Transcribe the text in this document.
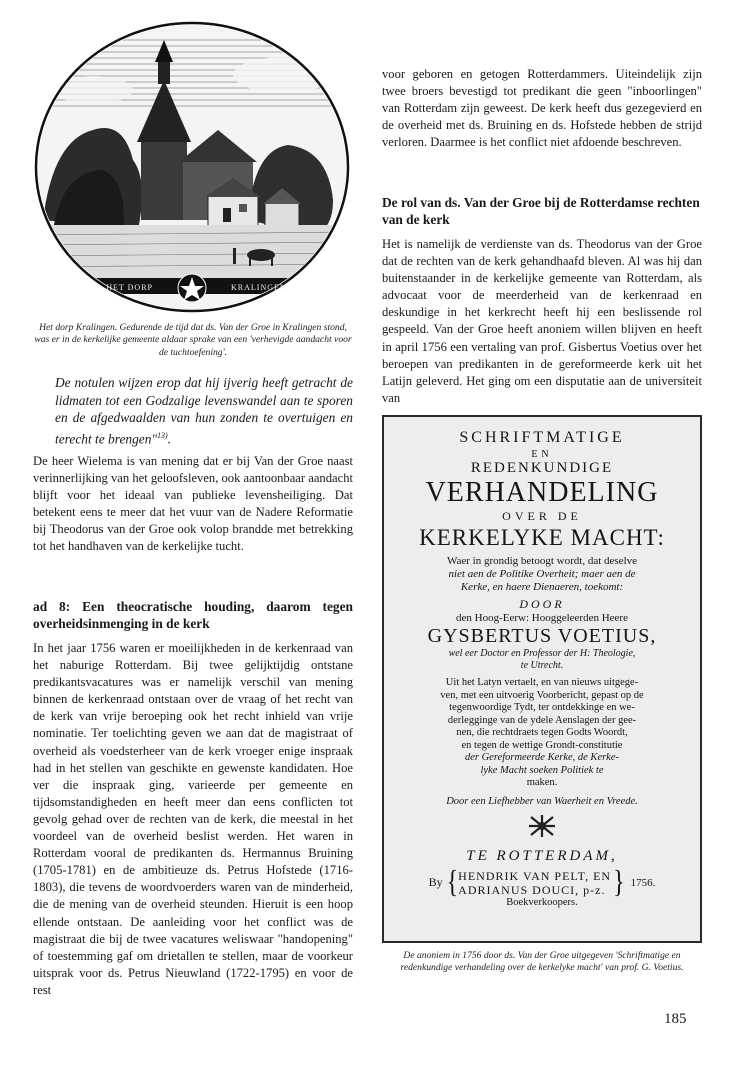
HET DORP	KRALINGEN
Het dorp Kralingen. Gedurende de tijd dat ds. Van der Groe in Kralingen stond, was er in de kerkelijke gemeente aldaar sprake van een 'verhevigde aandacht voor de tuchtoefening'.
De notulen wijzen erop dat hij ijverig heeft getracht de lidmaten tot een Godzalige levenswandel aan te sporen en de afgedwaalden van hun zonden te overtuigen en terecht te brengen"$^{13)}$.

De heer Wielema is van mening dat er bij Van der Groe naast verinnerlijking van het geloofsleven, ook aantoonbaar aandacht blijft voor het ideaal van publieke levensheiliging. Dat betekent eens te meer dat het vuur van de Nadere Reformatie bij Theodorus van der Groe ook volop brandde met betrekking tot het handhaven van de kerkelijke tucht.

ad 8: Een theocratische houding, daarom tegen overheidsinmenging in de kerk

In het jaar 1756 waren er moeilijkheden in de kerkenraad van het naburige Rotterdam. Bij twee gelijktijdig ontstane predikantsvacatures was er namelijk verschil van mening binnen de kerkenraad ontstaan over de vraag of het recht van de kerk van vrije beroeping ook het recht inhield van vrije nominatie. Ter toelichting geven we aan dat de magistraat of overheid als voedsterheer van de kerk vroeger enige inspraak had in het stellen van geschikte en gewenste kandidaten. Hoe ver die inspraak ging, varieerde per gemeente en tijdsomstandigheden en heeft meer dan eens conflicten tot gevolg gehad over de rechten van de kerk, die meestal in het voordeel van de overheid beslist werden. Het waren in Rotterdam vooral de predikanten ds. Hermannus Bruining (1705-1781) en de ambitieuze ds. Petrus Hofstede (1716-1803), die tevens de woordvoerders waren van de minderheid, die de mening van de overheid steunden. Hieruit is een hoop ellende ontstaan. De aanleiding voor het conflict was de magistraat die bij de twee vacatures weliswaar "handopening" of toestemming gaf om drietallen te stellen, maar de voorkeur uitsprak voor ds. Petrus Nieuwland (1722-1795) en voor de rest

voor geboren en getogen Rotterdammers. Uiteindelijk zijn twee broers bevestigd tot predikant die geen "inboorlingen" van Rotterdam zijn geweest. De kerk heeft dus gezegevierd en de overheid met ds. Bruining en ds. Hofstede hebben de strijd verloren. Daarmee is het conflict niet afdoende beschreven.

De rol van ds. Van der Groe bij de Rotterdamse rechten van de kerk

Het is namelijk de verdienste van ds. Theodorus van der Groe dat de rechten van de kerk gehandhaafd bleven. Al was hij dan buitenstaander in de kerkelijke gemeente van Rotterdam, als advocaat voor de meerderheid van de kerkenraad en deskundige in het kerkrecht heeft hij een beslissende rol gespeeld. Van der Groe heeft anoniem willen blijven en heeft in april 1756 een vertaling van prof. Gisbertus Voetius over het beroepen van predikanten in de gereformeerde kerk uit het Latijn geleverd. Het ging om een disputatie aan de universiteit van

SCHRIFTMATIGE
EN
REDENKUNDIGE
VERHANDELING
OVER DE
KERKELYKE MACHT:
Waer in grondig betoogt wordt, dat deselve
niet aen de Politike Overheit; maer aen de
Kerke, en haere Dienaeren, toekomt:
DOOR
den Hoog-Eerw: Hooggeleerden Heere
GYSBERTUS VOETIUS,
wel eer Doctor en Professor der H: Theologie,
te Utrecht.
Uit het Latyn vertaelt, en van nieuws uitgege-
ven, met een uitvoerig Voorbericht, gepast op de
tegenwoordige Tydt, ter ontdekkinge en we-
derlegginge van de ydele Aenslagen der gee-
nen, die rechtdraets tegen Godts Woordt,
en tegen de wettige Grondt-constitutie
der Gereformeerde Kerke, de Kerke-
lyke Macht soeken Politiek te
maken.
Door een Liefhebber van Waerheit en Vreede.
TE ROTTERDAM,
By { HENDRIK VAN PELT, EN
ADRIANUS DOUCI, p-z. } 1756.
Boekverkoopers.
De anoniem in 1756 door ds. Van der Groe uitgegeven 'Schriftmatige en redenkundige verhandeling over de kerkelyke macht' van prof. G. Voetius.
185
